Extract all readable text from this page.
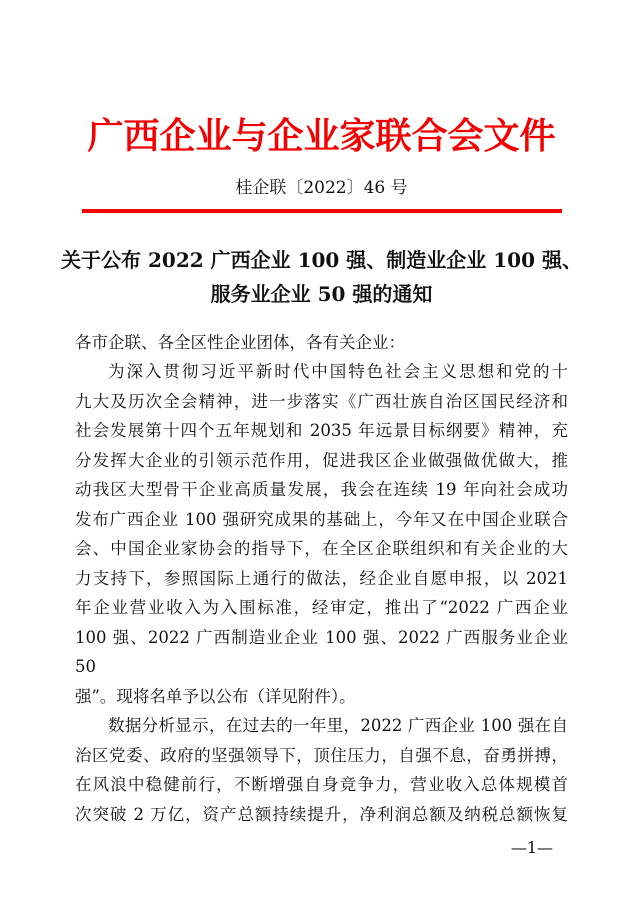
广西企业与企业家联合会文件
桂企联〔2022〕46 号
关于公布 2022 广西企业 100 强、制造业企业 100 强、
服务业企业 50 强的通知
各市企联、各全区性企业团体，各有关企业：
为深入贯彻习近平新时代中国特色社会主义思想和党的十
九大及历次全会精神，进一步落实《广西壮族自治区国民经济和
社会发展第十四个五年规划和 2035 年远景目标纲要》精神，充
分发挥大企业的引领示范作用，促进我区企业做强做优做大，推
动我区大型骨干企业高质量发展，我会在连续 19 年向社会成功
发布广西企业 100 强研究成果的基础上，今年又在中国企业联合
会、中国企业家协会的指导下，在全区企联组织和有关企业的大
力支持下，参照国际上通行的做法，经企业自愿申报，以 2021
年企业营业收入为入围标准，经审定，推出了“2022 广西企业
100 强、2022 广西制造业企业 100 强、2022 广西服务业企业 50
强”。现将名单予以公布（详见附件）。
数据分析显示，在过去的一年里，2022 广西企业 100 强在自
治区党委、政府的坚强领导下，顶住压力，自强不息，奋勇拼搏，
在风浪中稳健前行，不断增强自身竞争力，营业收入总体规模首
次突破 2 万亿，资产总额持续提升，净利润总额及纳税总额恢复
—1—
